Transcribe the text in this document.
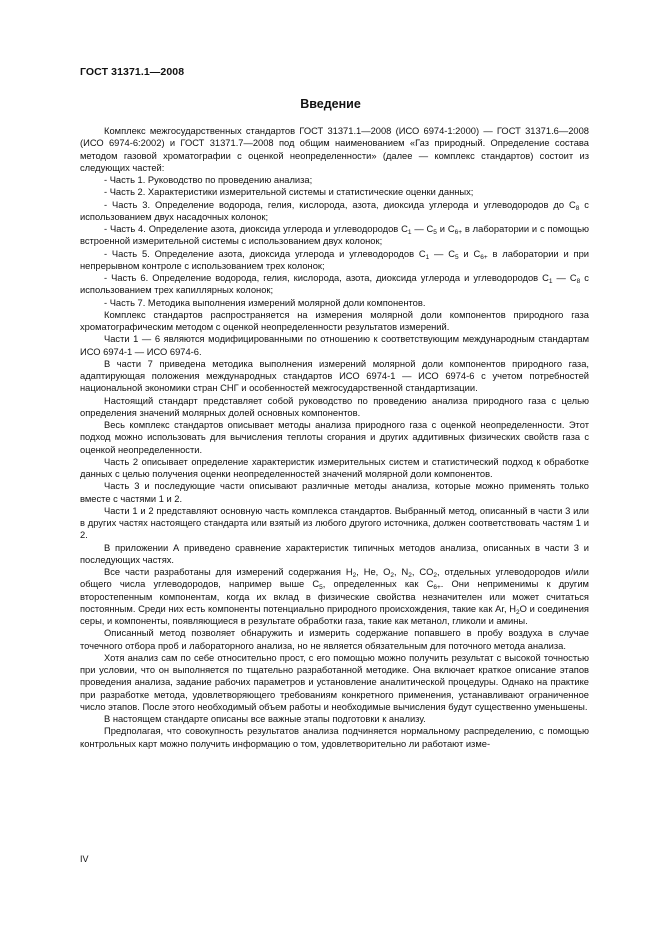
ГОСТ 31371.1—2008
Введение

Комплекс межгосударственных стандартов ГОСТ 31371.1—2008 (ИСО 6974-1:2000) — ГОСТ 31371.6—2008 (ИСО 6974-6:2002) и ГОСТ 31371.7—2008 под общим наименованием «Газ природный. Определение состава методом газовой хроматографии с оценкой неопределенности» (далее — комплекс стандартов) состоит из следующих частей:

- Часть 1. Руководство по проведению анализа;

- Часть 2. Характеристики измерительной системы и статистические оценки данных;

- Часть 3. Определение водорода, гелия, кислорода, азота, диоксида углерода и углеводородов до $C_8$ с использованием двух насадочных колонок;

- Часть 4. Определение азота, диоксида углерода и углеводородов $C_1$ — $C_5$ и $C_{6+}$ в лаборатории и с помощью встроенной измерительной системы с использованием двух колонок;

- Часть 5. Определение азота, диоксида углерода и углеводородов $C_1$ — $C_5$ и $C_{6+}$ в лаборатории и при непрерывном контроле с использованием трех колонок;

- Часть 6. Определение водорода, гелия, кислорода, азота, диоксида углерода и углеводородов $C_1$ — $C_8$ с использованием трех капиллярных колонок;

- Часть 7. Методика выполнения измерений молярной доли компонентов.

Комплекс стандартов распространяется на измерения молярной доли компонентов природного газа хроматографическим методом с оценкой неопределенности результатов измерений.

Части 1 — 6 являются модифицированными по отношению к соответствующим международным стандартам ИСО 6974-1 — ИСО 6974-6.

В части 7 приведена методика выполнения измерений молярной доли компонентов природного газа, адаптирующая положения международных стандартов ИСО 6974-1 — ИСО 6974-6 с учетом потребностей национальной экономики стран СНГ и особенностей межгосударственной стандартизации.

Настоящий стандарт представляет собой руководство по проведению анализа природного газа с целью определения значений молярных долей основных компонентов.

Весь комплекс стандартов описывает методы анализа природного газа с оценкой неопределенности. Этот подход можно использовать для вычисления теплоты сгорания и других аддитивных физических свойств газа с оценкой неопределенности.

Часть 2 описывает определение характеристик измерительных систем и статистический подход к обработке данных с целью получения оценки неопределенностей значений молярной доли компонентов.

Часть 3 и последующие части описывают различные методы анализа, которые можно применять только вместе с частями 1 и 2.

Части 1 и 2 представляют основную часть комплекса стандартов. Выбранный метод, описанный в части 3 или в других частях настоящего стандарта или взятый из любого другого источника, должен соответствовать частям 1 и 2.

В приложении А приведено сравнение характеристик типичных методов анализа, описанных в части 3 и последующих частях.

Все части разработаны для измерений содержания $H_2$, He, $O_2$, $N_2$, $CO_2$, отдельных углеводородов и/или общего числа углеводородов, например выше $C_5$, определенных как $C_{6+}$. Они неприменимы к другим второстепенным компонентам, когда их вклад в физические свойства незначителен или может считаться постоянным. Среди них есть компоненты потенциально природного происхождения, такие как Ar, $H_2O$ и соединения серы, и компоненты, появляющиеся в результате обработки газа, такие как метанол, гликоли и амины.

Описанный метод позволяет обнаружить и измерить содержание попавшего в пробу воздуха в случае точечного отбора проб и лабораторного анализа, но не является обязательным для поточного метода анализа.

Хотя анализ сам по себе относительно прост, с его помощью можно получить результат с высокой точностью при условии, что он выполняется по тщательно разработанной методике. Она включает краткое описание этапов проведения анализа, задание рабочих параметров и установление аналитической процедуры. Однако на практике при разработке метода, удовлетворяющего требованиям конкретного применения, устанавливают ограниченное число этапов. После этого необходимый объем работы и необходимые вычисления будут существенно уменьшены.

В настоящем стандарте описаны все важные этапы подготовки к анализу.

Предполагая, что совокупность результатов анализа подчиняется нормальному распределению, с помощью контрольных карт можно получить информацию о том, удовлетворительно ли работают изме-

IV
